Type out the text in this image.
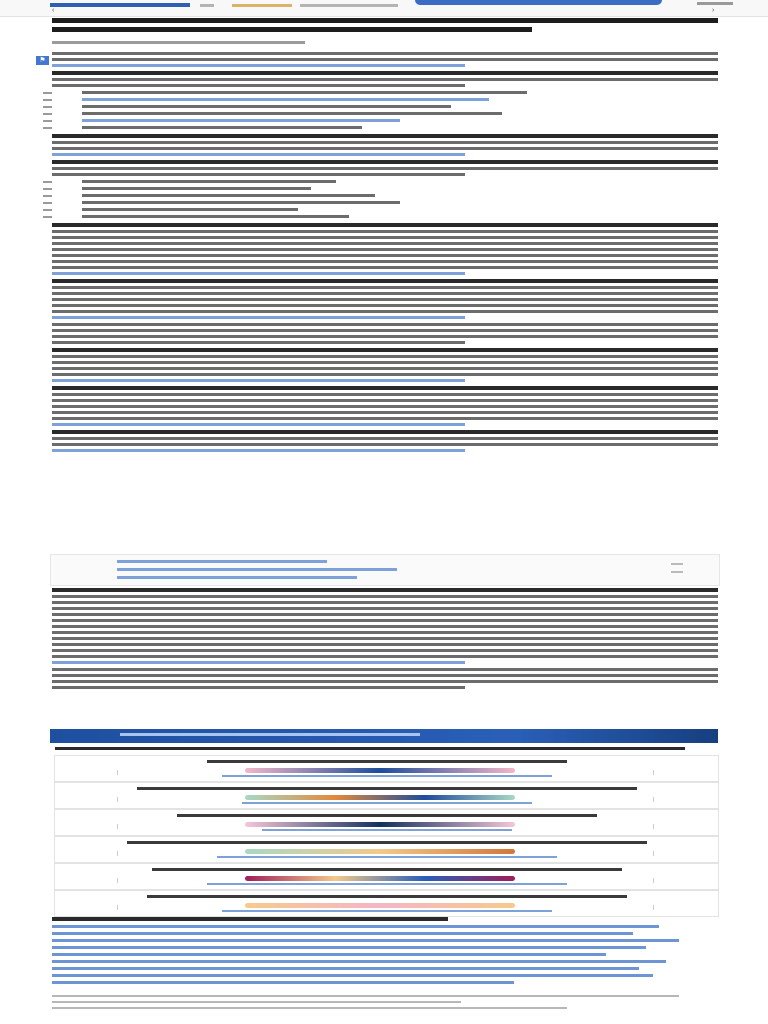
‹	›
⚑
